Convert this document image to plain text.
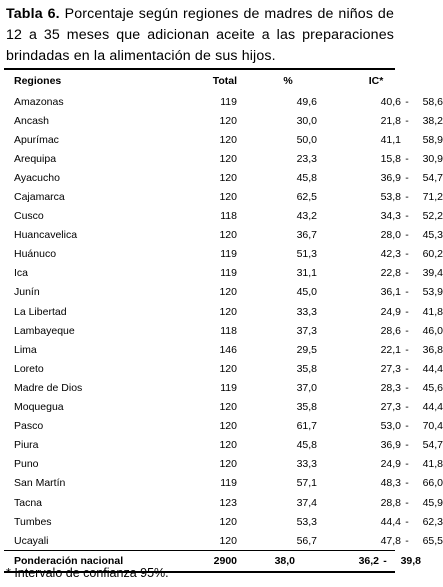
Tabla 6. Porcentaje según regiones de madres de niños de 12 a 35 meses que adicionan aceite a las preparaciones brindadas en la alimentación de sus hijos.
Regiones	Total	%	IC*
Amazonas	119	49,6	40,6 - 58,6
Ancash	120	30,0	21,8 - 38,2
Apurímac	120	50,0	41,1 58,9
Arequipa	120	23,3	15,8 - 30,9
Ayacucho	120	45,8	36,9 - 54,7
Cajamarca	120	62,5	53,8 - 71,2
Cusco	118	43,2	34,3 - 52,2
Huancavelica	120	36,7	28,0 - 45,3
Huánuco	119	51,3	42,3 - 60,2
Ica	119	31,1	22,8 - 39,4
Junín	120	45,0	36,1 - 53,9
La Libertad	120	33,3	24,9 - 41,8
Lambayeque	118	37,3	28,6 - 46,0
Lima	146	29,5	22,1 - 36,8
Loreto	120	35,8	27,3 - 44,4
Madre de Dios	119	37,0	28,3 - 45,6
Moquegua	120	35,8	27,3 - 44,4
Pasco	120	61,7	53,0 - 70,4
Piura	120	45,8	36,9 - 54,7
Puno	120	33,3	24,9 - 41,8
San Martín	119	57,1	48,3 - 66,0
Tacna	123	37,4	28,8 - 45,9
Tumbes	120	53,3	44,4 - 62,3
Ucayali	120	56,7	47,8 - 65,5
Ponderación nacional	2900	38,0	36,2 - 39,8
* Intervalo de confianza 95%.
